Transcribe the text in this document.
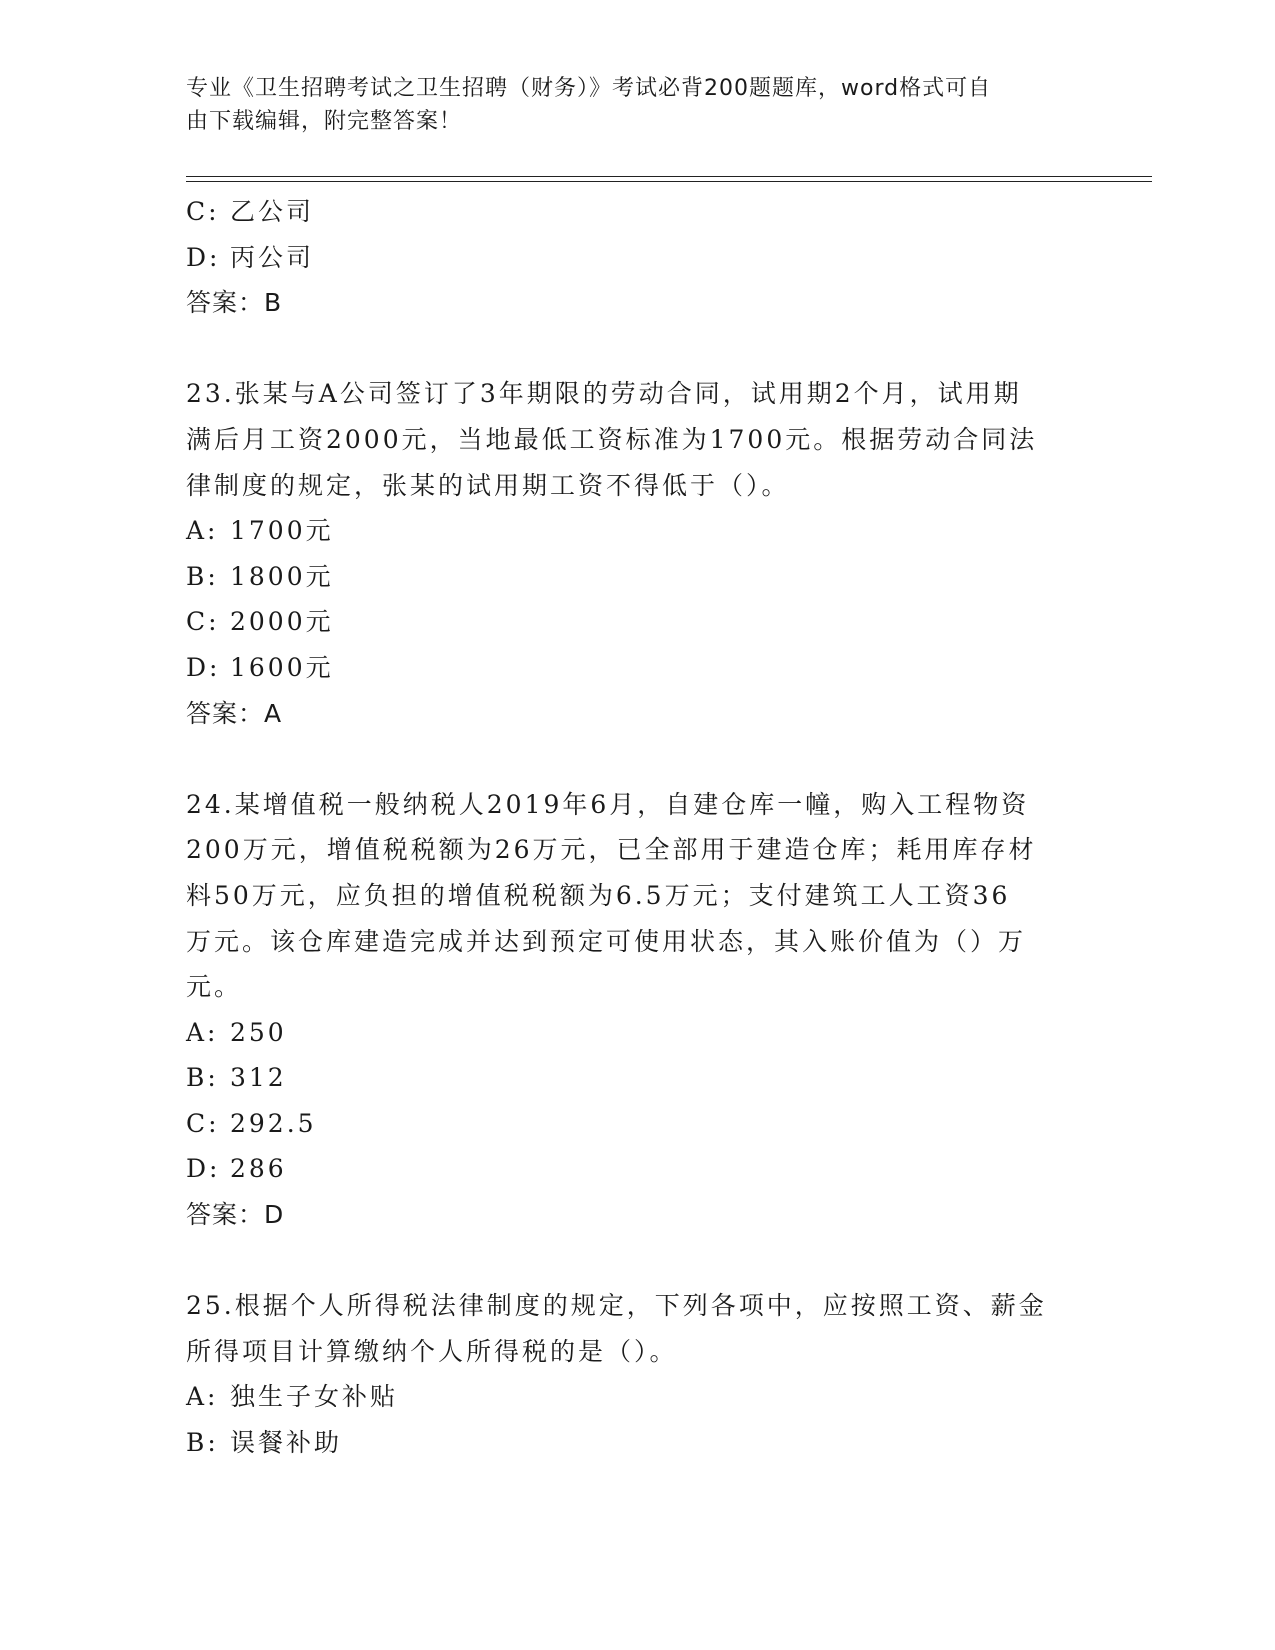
专业《卫生招聘考试之卫生招聘（财务）》考试必背200题题库，word格式可自
由下载编辑，附完整答案！
C: 乙公司
D: 丙公司
答案：B
23.张某与A公司签订了3年期限的劳动合同，试用期2个月，试用期
满后月工资2000元，当地最低工资标准为1700元。根据劳动合同法
律制度的规定，张某的试用期工资不得低于（）。
A: 1700元
B: 1800元
C: 2000元
D: 1600元
答案：A
24.某增值税一般纳税人2019年6月，自建仓库一幢，购入工程物资
200万元，增值税税额为26万元，已全部用于建造仓库；耗用库存材
料50万元，应负担的增值税税额为6.5万元；支付建筑工人工资36
万元。该仓库建造完成并达到预定可使用状态，其入账价值为（）万
元。
A: 250
B: 312
C: 292.5
D: 286
答案：D
25.根据个人所得税法律制度的规定，下列各项中，应按照工资、薪金
所得项目计算缴纳个人所得税的是（）。
A: 独生子女补贴
B: 误餐补助
